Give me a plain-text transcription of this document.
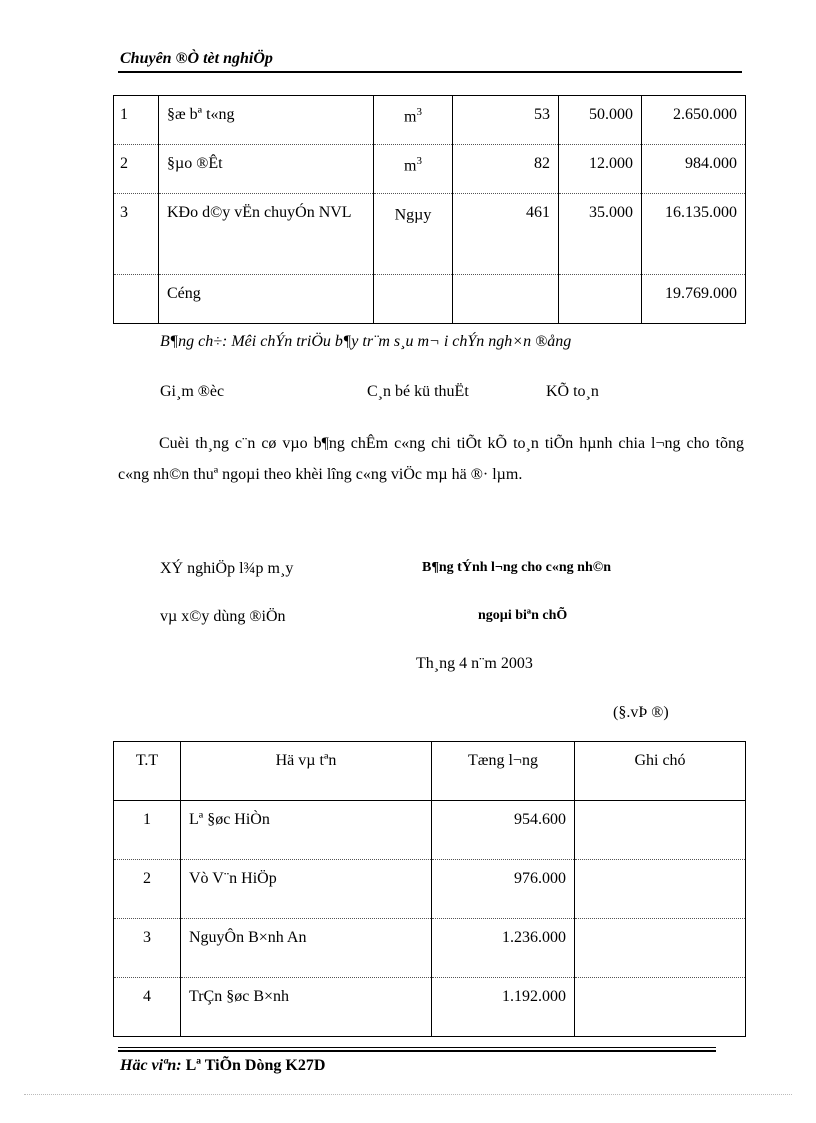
Chuyên ®Ò tèt nghiÖp
1	§æ bª t«ng	$m^3$	53	50.000	2.650.000
2	§µo ®Êt	$m^3$	82	12.000	984.000
3	KÐo d©y vËn chuyÓn NVL	Ngµy	461	35.000	16.135.000
	Céng				19.769.000
B¶ng ch÷: Mêi chÝn triÖu b¶y tr¨m s¸u m¬ i chÝn ngh×n ®ång
Gi¸m ®èc	C¸n bé kü thuËt	KÕ to¸n
Cuèi th¸ng c¨n cø vµo b¶ng chÊm c«ng chi tiÕt kÕ to¸n tiÕn hµnh chia l¬ng cho tõng c«ng nh©n thuª ngoµi theo khèi lîng c«ng viÖc mµ hä ®· lµm.
XÝ nghiÖp l¾p m¸y	B¶ng tÝnh l¬ng cho c«ng nh©n
vµ x©y dùng ®iÖn	ngoµi biªn chÕ
Th¸ng 4 n¨m 2003
(§.vÞ ®)
T.T	Hä vµ tªn	Tæng l¬ng	Ghi chó
1	Lª §øc HiÒn	954.600	
2	Vò V¨n HiÖp	976.000	
3	NguyÔn B×nh An	1.236.000	
4	TrÇn §øc B×nh	1.192.000	
Häc viªn: Lª TiÕn Dòng K27D
